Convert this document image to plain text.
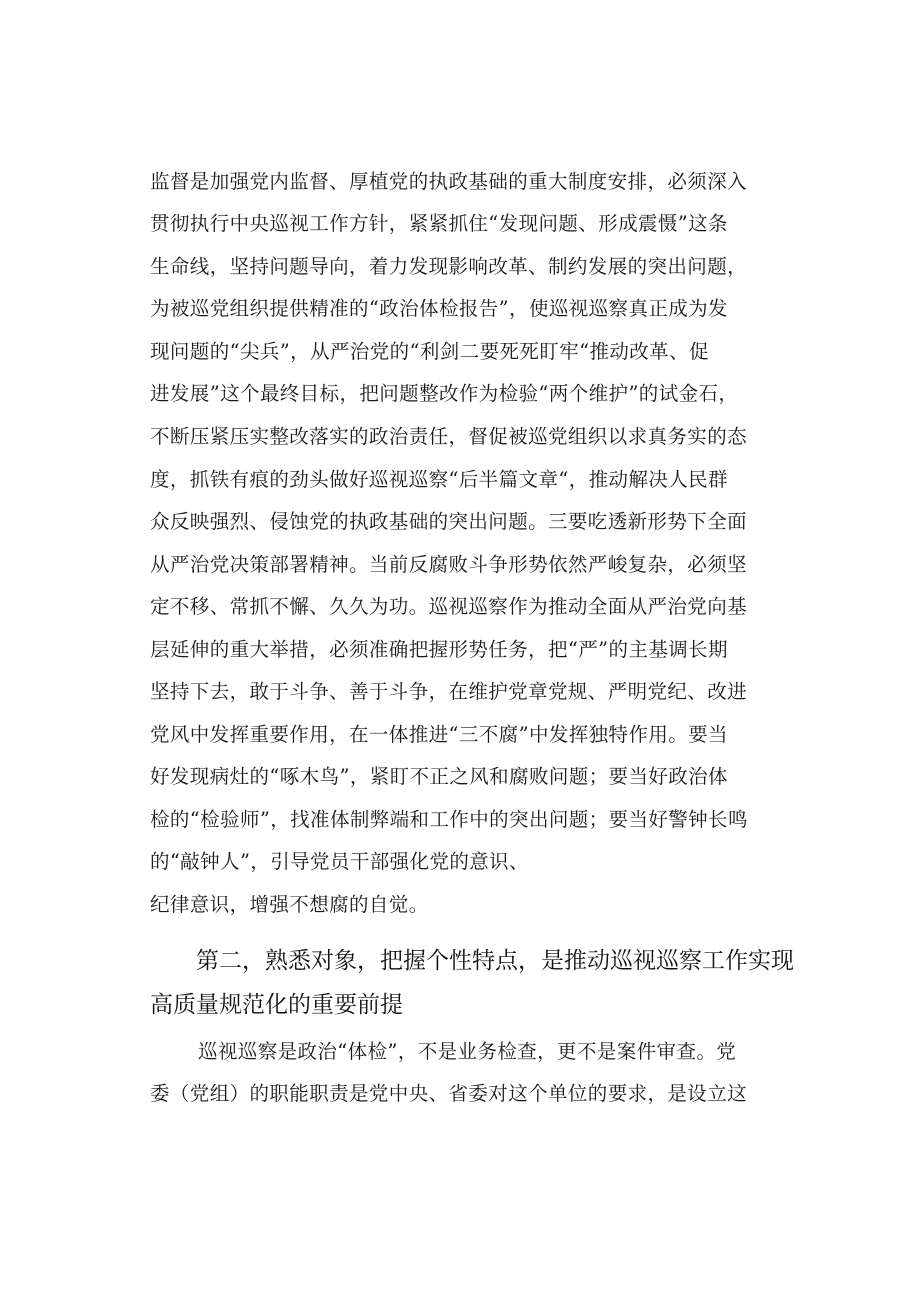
监督是加强党内监督、厚植党的执政基础的重大制度安排，必须深入
贯彻执行中央巡视工作方针，紧紧抓住“发现问题、形成震慑”这条
生命线，坚持问题导向，着力发现影响改革、制约发展的突出问题，
为被巡党组织提供精准的“政治体检报告”，使巡视巡察真正成为发
现问题的“尖兵”，从严治党的“利剑二要死死盯牢“推动改革、促
进发展”这个最终目标，把问题整改作为检验“两个维护”的试金石，
不断压紧压实整改落实的政治责任，督促被巡党组织以求真务实的态
度，抓铁有痕的劲头做好巡视巡察“后半篇文章“，推动解决人民群
众反映强烈、侵蚀党的执政基础的突出问题。三要吃透新形势下全面
从严治党决策部署精神。当前反腐败斗争形势依然严峻复杂，必须坚
定不移、常抓不懈、久久为功。巡视巡察作为推动全面从严治党向基
层延伸的重大举措，必须准确把握形势任务，把“严”的主基调长期
坚持下去，敢于斗争、善于斗争，在维护党章党规、严明党纪、改进
党风中发挥重要作用，在一体推进“三不腐”中发挥独特作用。要当
好发现病灶的“啄木鸟”，紧盯不正之风和腐败问题；要当好政治体
检的“检验师”，找准体制弊端和工作中的突出问题；要当好警钟长鸣
的“敲钟人”，引导党员干部强化党的意识、
纪律意识，增强不想腐的自觉。
第二，熟悉对象，把握个性特点，是推动巡视巡察工作实现
高质量规范化的重要前提
巡视巡察是政治“体检”，不是业务检查，更不是案件审查。党
委（党组）的职能职责是党中央、省委对这个单位的要求，是设立这
